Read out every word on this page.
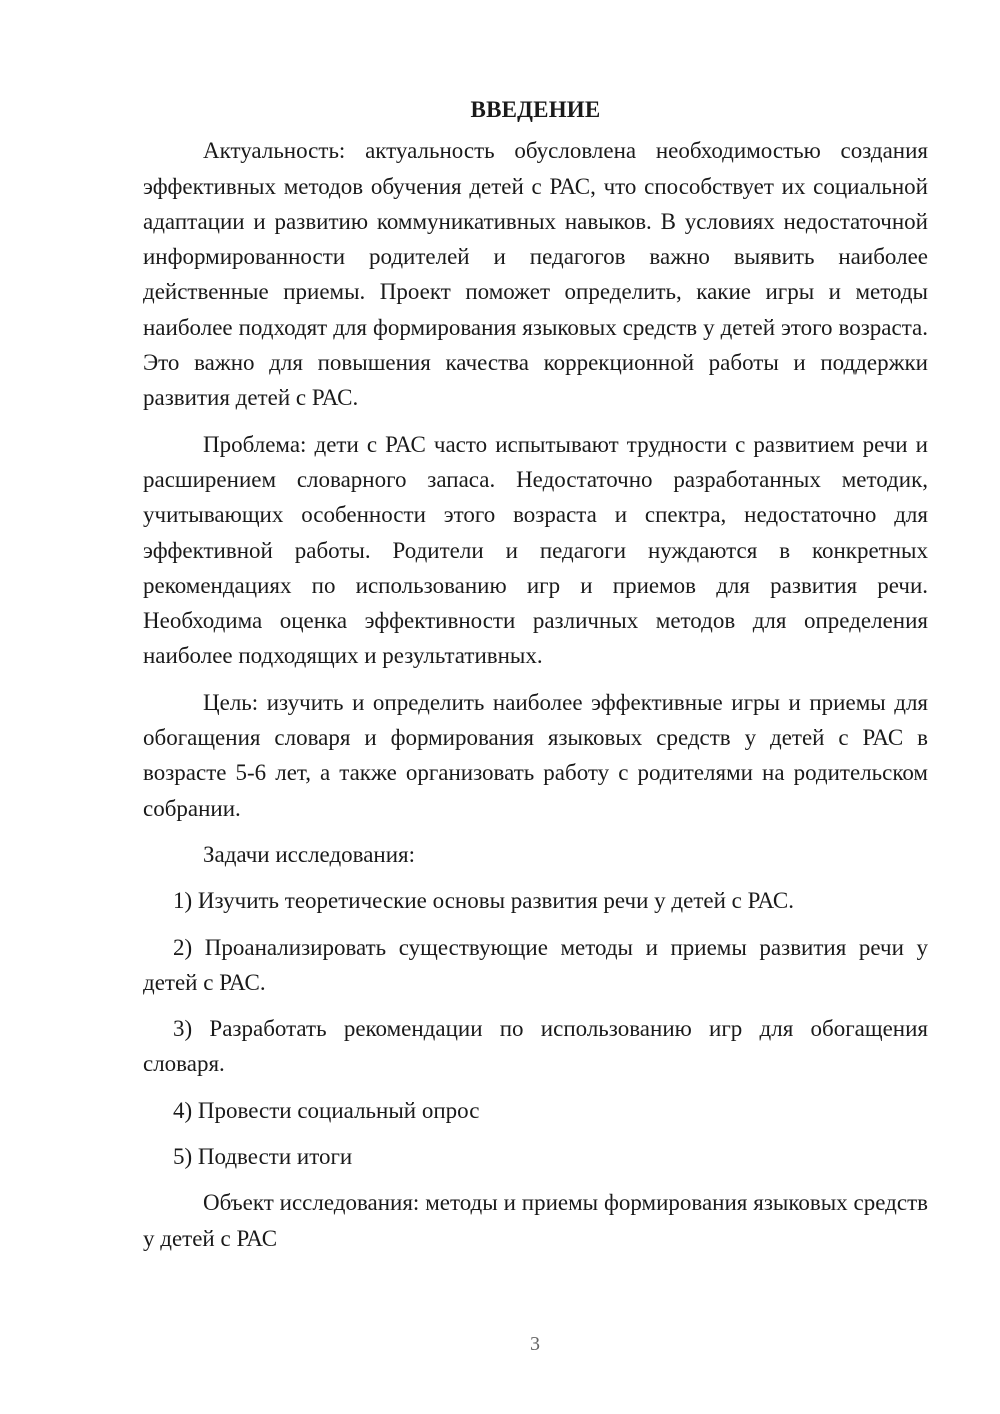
ВВЕДЕНИЕ

Актуальность: актуальность обусловлена необходимостью создания эффективных методов обучения детей с РАС, что способствует их социальной адаптации и развитию коммуникативных навыков. В условиях недостаточной информированности родителей и педагогов важно выявить наиболее действенные приемы. Проект поможет определить, какие игры и методы наиболее подходят для формирования языковых средств у детей этого возраста. Это важно для повышения качества коррекционной работы и поддержки развития детей с РАС.

Проблема: дети с РАС часто испытывают трудности с развитием речи и расширением словарного запаса. Недостаточно разработанных методик, учитывающих особенности этого возраста и спектра, недостаточно для эффективной работы. Родители и педагоги нуждаются в конкретных рекомендациях по использованию игр и приемов для развития речи. Необходима оценка эффективности различных методов для определения наиболее подходящих и результативных.

Цель: изучить и определить наиболее эффективные игры и приемы для обогащения словаря и формирования языковых средств у детей с РАС в возрасте 5-6 лет, а также организовать работу с родителями на родительском собрании.

Задачи исследования:

1) Изучить теоретические основы развития речи у детей с РАС.

2) Проанализировать существующие методы и приемы развития речи у детей с РАС.

3) Разработать рекомендации по использованию игр для обогащения словаря.

4) Провести социальный опрос

5) Подвести итоги

Объект исследования: методы и приемы формирования языковых средств у детей с РАС

3
